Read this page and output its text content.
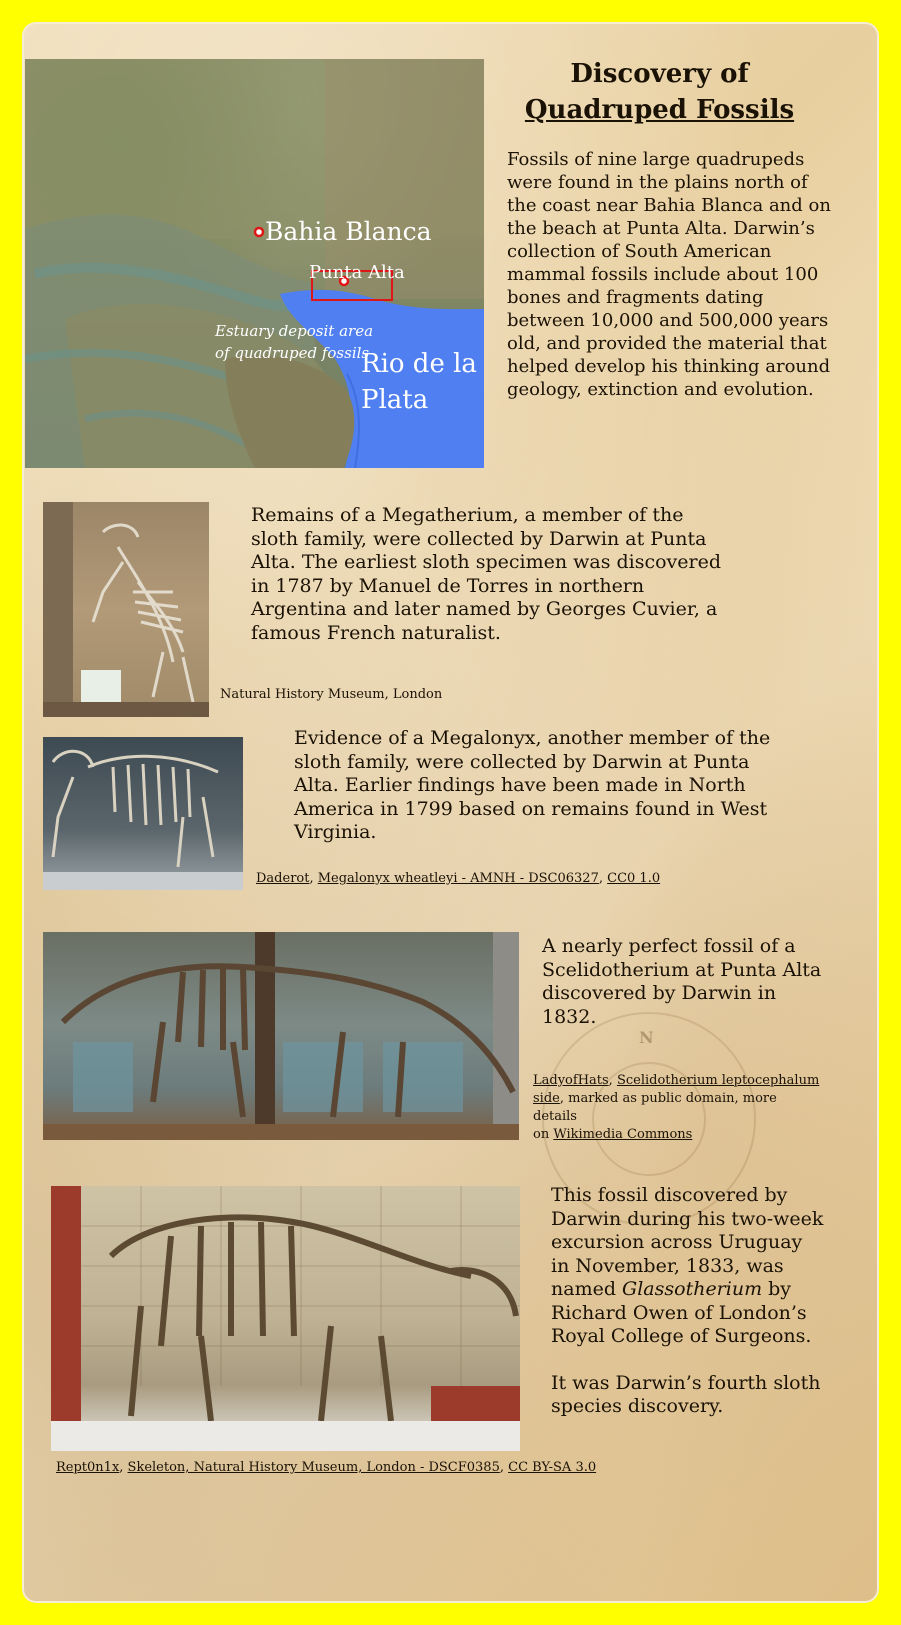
N
Bahia Blanca
Punta Alta
Estuary deposit area
of quadruped fossils
Rio de la
Plata
Discovery of
Quadruped Fossils
Fossils of nine large quadrupeds were found in the plains north of the coast near Bahia Blanca and on the beach at Punta Alta. Darwin’s collection of South American mammal fossils include about 100 bones and fragments dating between 10,000 and 500,000 years old, and provided the material that helped develop his thinking around geology, extinction and evolution.
Remains of a Megatherium, a member of the sloth family, were collected by Darwin at Punta Alta. The earliest sloth specimen was discovered in 1787 by Manuel de Torres in northern Argentina and later named by Georges Cuvier, a famous French naturalist.
Natural History Museum, London
Evidence of a Megalonyx, another member of the sloth family, were collected by Darwin at Punta Alta. Earlier findings have been made in North America in 1799 based on remains found in West Virginia.
Daderot, Megalonyx wheatleyi - AMNH - DSC06327, CC0 1.0
A nearly perfect fossil of a Scelidotherium at Punta Alta discovered by Darwin in 1832.
LadyofHats, Scelidotherium leptocephalum
side, marked as public domain, more details
on Wikimedia Commons
This fossil discovered by Darwin during his two-week excursion across Uruguay in November, 1833, was named Glassotherium by Richard Owen of London’s Royal College of Surgeons.
It was Darwin’s fourth sloth species discovery.
Rept0n1x, Skeleton, Natural History Museum, London - DSCF0385, CC BY-SA 3.0
